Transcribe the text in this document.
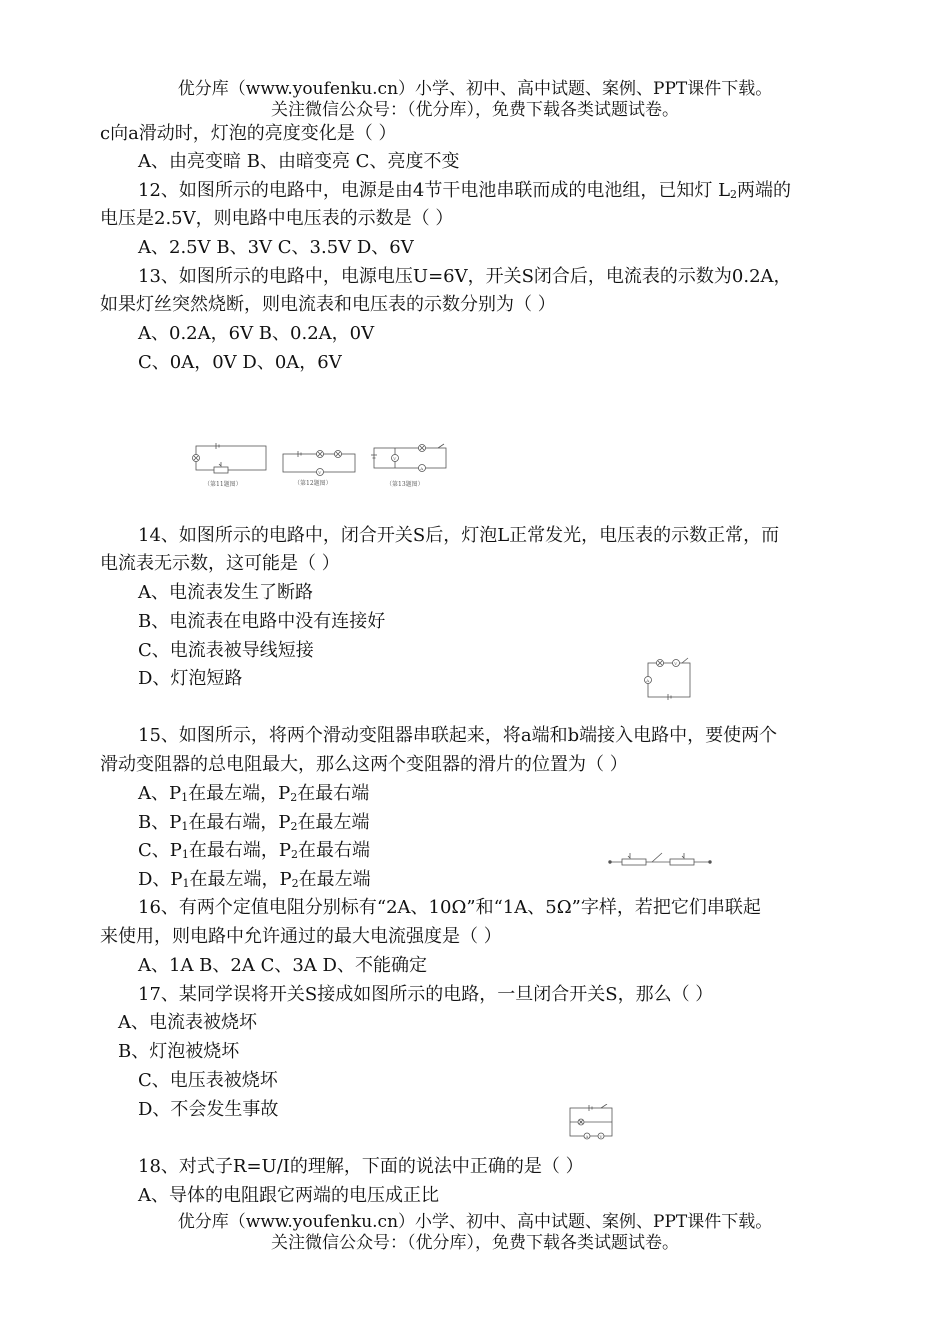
优分库（www.youfenku.cn）小学、初中、高中试题、案例、PPT课件下载。
关注微信公众号：（优分库），免费下载各类试题试卷。
c向a滑动时，灯泡的亮度变化是（ ）
A、由亮变暗 B、由暗变亮 C、亮度不变
12、如图所示的电路中，电源是由4节干电池串联而成的电池组，已知灯 $L_2$两端的
电压是2.5V，则电路中电压表的示数是（ ）
A、2.5V B、3V C、3.5V D、6V
13、如图所示的电路中，电源电压U=6V，开关S闭合后，电流表的示数为0.2A，
如果灯丝突然烧断，则电流表和电压表的示数分别为（ ）
A、0.2A，6V B、0.2A，0V
C、0A，0V D、0A，6V
（第11题图）
V
（第12题图）
V
A
（第13题图）
14、如图所示的电路中，闭合开关S后，灯泡L正常发光，电压表的示数正常，而
电流表无示数，这可能是（ ）
A、电流表发生了断路
B、电流表在电路中没有连接好
C、电流表被导线短接
D、灯泡短路	A
V
15、如图所示，将两个滑动变阻器串联起来，将a端和b端接入电路中，要使两个
滑动变阻器的总电阻最大，那么这两个变阻器的滑片的位置为（ ）
A、$P_1$在最左端，$P_2$在最右端
B、$P_1$在最右端，$P_2$在最左端
C、$P_1$在最右端，$P_2$在最右端
D、$P_1$在最左端，$P_2$在最左端
16、有两个定值电阻分别标有“2A、10Ω”和“1A、5Ω”字样，若把它们串联起
来使用，则电路中允许通过的最大电流强度是（ ）
A、1A B、2A C、3A D、不能确定
17、某同学误将开关S接成如图所示的电路，一旦闭合开关S，那么（ ）
A、电流表被烧坏
B、灯泡被烧坏
C、电压表被烧坏
D、不会发生事故
A	V
18、对式子R=U/I的理解，下面的说法中正确的是（ ）
A、导体的电阻跟它两端的电压成正比
优分库（www.youfenku.cn）小学、初中、高中试题、案例、PPT课件下载。
关注微信公众号：（优分库），免费下载各类试题试卷。
